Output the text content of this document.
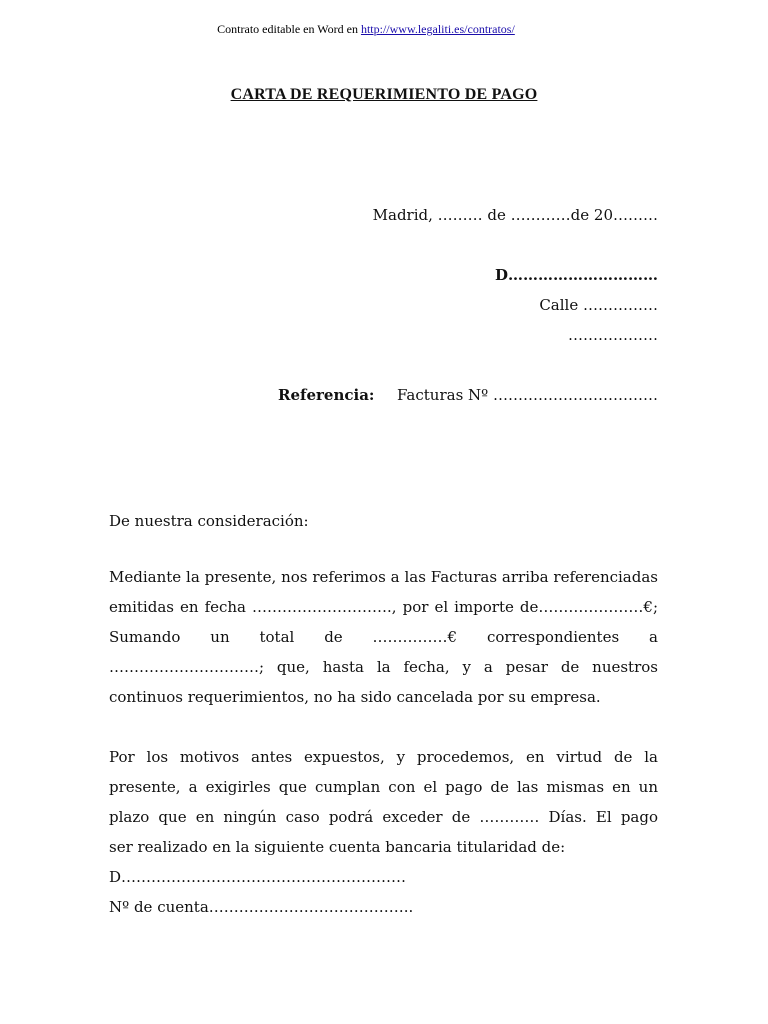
Contrato editable en Word en http://www.legaliti.es/contratos/
CARTA DE REQUERIMIENTO DE PAGO
Madrid, ……… de …………de 20………
D…………………………
Calle ……………
………………
Referencia: Facturas Nº ……………………………
De nuestra consideración:
Mediante la presente, nos referimos a las Facturas arriba referenciadas
emitidas en fecha ………………………., por el importe de…………………€;
Sumando un total de ……………€ correspondientes a
…………………………; que, hasta la fecha, y a pesar de nuestros
continuos requerimientos, no ha sido cancelada por su empresa.
Por los motivos antes expuestos, y procedemos, en virtud de la
presente, a exigirles que cumplan con el pago de las mismas en un
plazo que en ningún caso podrá exceder de ………… Días. El pago
ser realizado en la siguiente cuenta bancaria titularidad de:
D…………………………………………………
Nº de cuenta…………………………………..
